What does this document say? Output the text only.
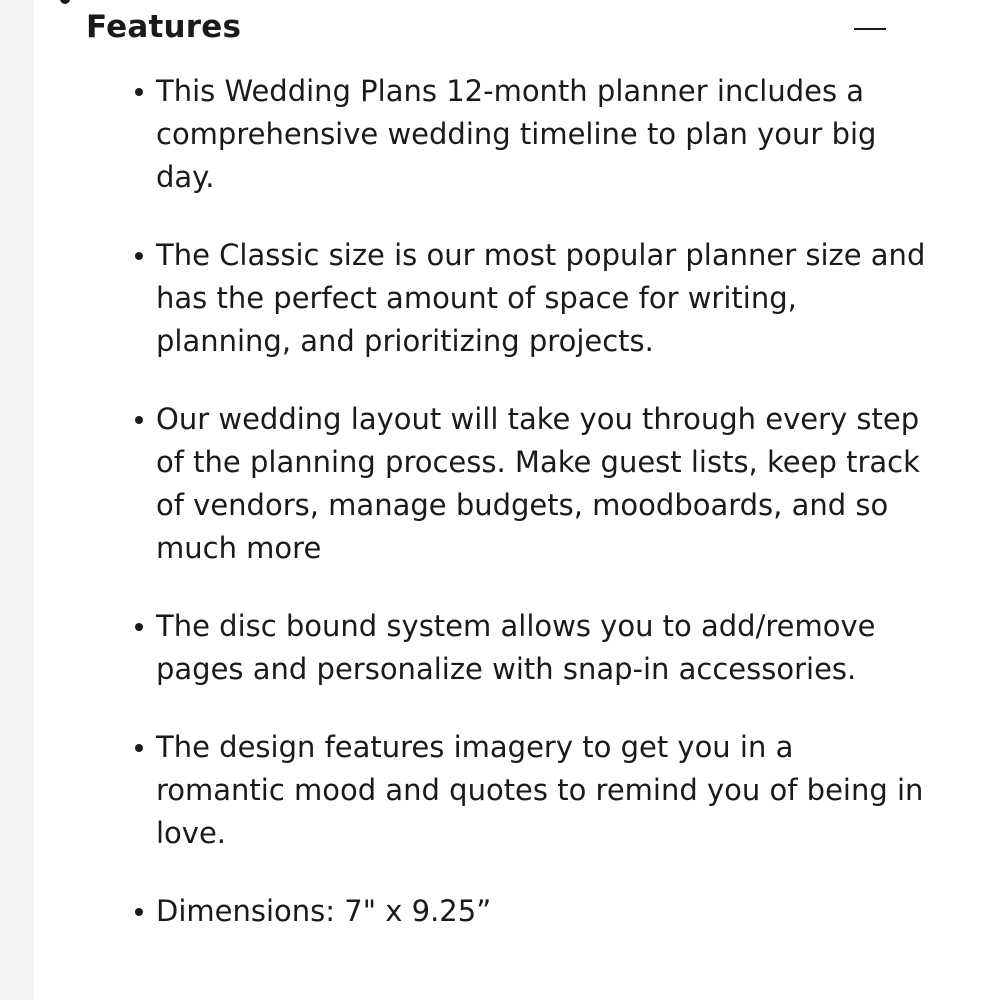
Features
This Wedding Plans 12-month planner includes a comprehensive wedding timeline to plan your big day.
The Classic size is our most popular planner size and has the perfect amount of space for writing, planning, and prioritizing projects.
Our wedding layout will take you through every step of the planning process. Make guest lists, keep track of vendors, manage budgets, moodboards, and so much more
The disc bound system allows you to add/remove pages and personalize with snap-in accessories.
The design features imagery to get you in a romantic mood and quotes to remind you of being in love.
Dimensions: 7" x 9.25”
